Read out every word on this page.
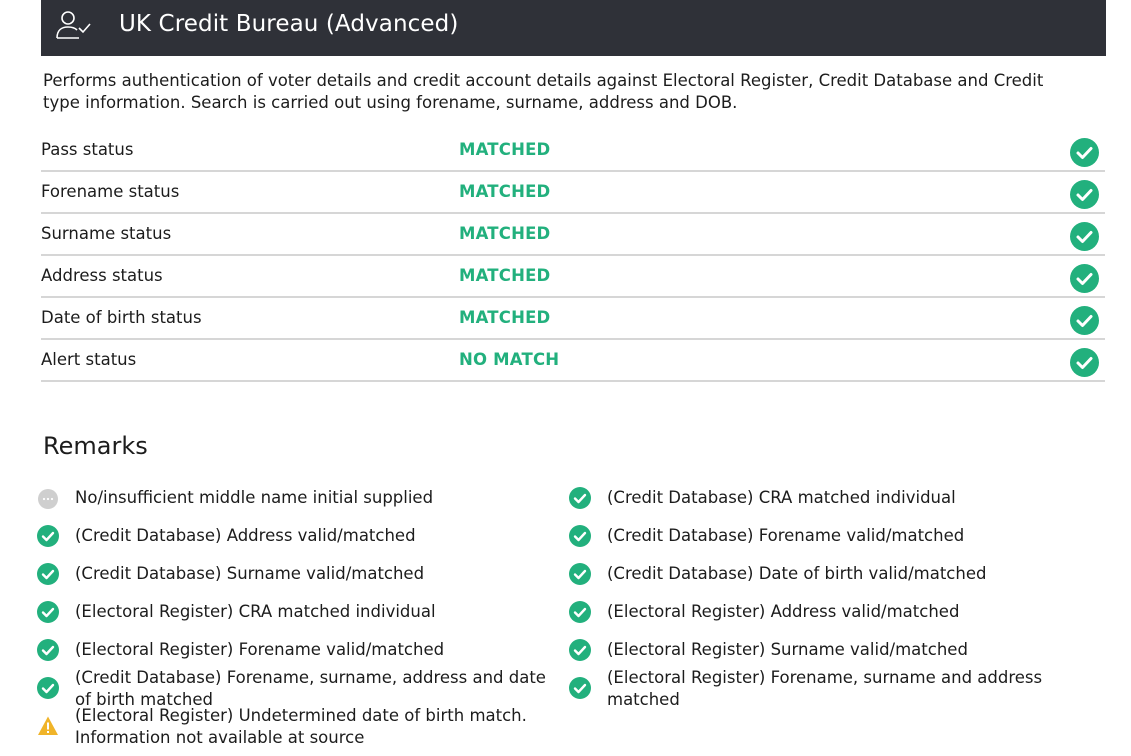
UK Credit Bureau (Advanced)
Performs authentication of voter details and credit account details against Electoral Register, Credit Database and Credit type information. Search is carried out using forename, surname, address and DOB.
Pass status	MATCHED
Forename status	MATCHED
Surname status	MATCHED
Address status	MATCHED
Date of birth status	MATCHED
Alert status	NO MATCH
Remarks
No/insufficient middle name initial supplied
(Credit Database) Address valid/matched
(Credit Database) Surname valid/matched
(Electoral Register) CRA matched individual
(Electoral Register) Forename valid/matched
(Credit Database) Forename, surname, address and date of birth matched
(Electoral Register) Undetermined date of birth match. Information not available at source
(Credit Database) CRA matched individual
(Credit Database) Forename valid/matched
(Credit Database) Date of birth valid/matched
(Electoral Register) Address valid/matched
(Electoral Register) Surname valid/matched
(Electoral Register) Forename, surname and address matched
